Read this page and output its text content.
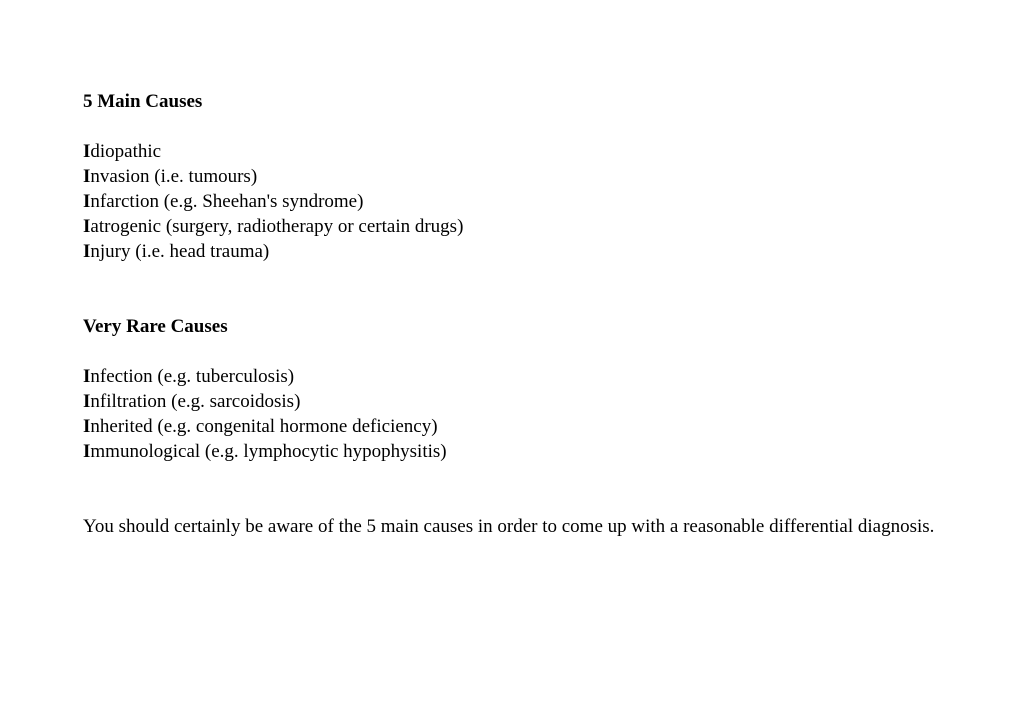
5 Main Causes
Idiopathic
Invasion (i.e. tumours)
Infarction (e.g. Sheehan's syndrome)
Iatrogenic (surgery, radiotherapy or certain drugs)
Injury (i.e. head trauma)
Very Rare Causes
Infection (e.g. tuberculosis)
Infiltration (e.g. sarcoidosis)
Inherited (e.g. congenital hormone deficiency)
Immunological (e.g. lymphocytic hypophysitis)
You should certainly be aware of the 5 main causes in order to come up with a reasonable differential diagnosis.
